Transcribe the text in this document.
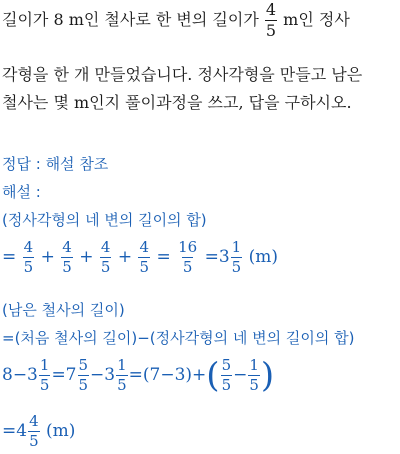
길이가 8 m인 철사로 한 변의 길이가 $\frac{4}{5}$ m인 정사
각형을 한 개 만들었습니다. 정사각형을 만들고 남은
철사는 몇 m인지 풀이과정을 쓰고, 답을 구하시오.
정답 : 해설 참조
해설 :
(정사각형의 네 변의 길이의 합)
= $\frac{4}{5} + \frac{4}{5} + \frac{4}{5} + \frac{4}{5} = \frac{16}{5} =3 \frac{1}{5} (m)$
(남은 철사의 길이)
=(처음 철사의 길이)−(정사각형의 네 변의 길이의 합)
$8-3 \frac{1}{5} =7 \frac{5}{5} -3 \frac{1}{5} =(7-3)+( \frac{5}{5} - \frac{1}{5}$ )
$=4 \frac{4}{5} (m)$
